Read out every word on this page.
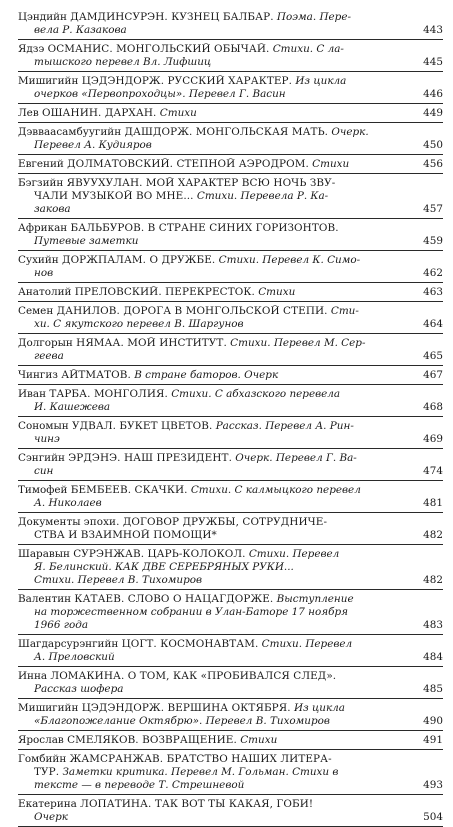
Цэндийн ДАМДИНСУРЭН. КУЗНЕЦ БАЛБАР. Поэма. Пере-
вела Р. Казакова	443
Ядзэ ОСМАНИС. МОНГОЛЬСКИЙ ОБЫЧАЙ. Стихи. С ла-
тышского перевел Вл. Лифшиц	445
Мишигийн ЦЭДЭНДОРЖ. РУССКИЙ ХАРАКТЕР. Из цикла
очерков «Первопроходцы». Перевел Г. Васин	446
Лев ОШАНИН. ДАРХАН. Стихи	449
Дэвваасамбуугийн ДАШДОРЖ. МОНГОЛЬСКАЯ МАТЬ. Очерк.
Перевел А. Кудияров	450
Евгений ДОЛМАТОВСКИЙ. СТЕПНОЙ АЭРОДРОМ. Стихи	456
Бэгзийн ЯВУУХУЛАН. МОЙ ХАРАКТЕР ВСЮ НОЧЬ ЗВУ-
ЧАЛИ МУЗЫКОЙ ВО МНЕ... Стихи. Перевела Р. Ка-
закова	457
Африкан БАЛЬБУРОВ. В СТРАНЕ СИНИХ ГОРИЗОНТОВ.
Путевые заметки	459
Сухийн ДОРЖПАЛАМ. О ДРУЖБЕ. Стихи. Перевел К. Симо-
нов	462
Анатолий ПРЕЛОВСКИЙ. ПЕРЕКРЕСТОК. Стихи	463
Семен ДАНИЛОВ. ДОРОГА В МОНГОЛЬСКОЙ СТЕПИ. Сти-
хи. С якутского перевел В. Шаргунов	464
Долгорын НЯМАА. МОЙ ИНСТИТУТ. Стихи. Перевел М. Сер-
геева	465
Чингиз АЙТМАТОВ. В стране баторов. Очерк	467
Иван ТАРБА. МОНГОЛИЯ. Стихи. С абхазского перевела
И. Кашежева	468
Сономын УДВАЛ. БУКЕТ ЦВЕТОВ. Рассказ. Перевел А. Рин-
чинэ	469
Сэнгийн ЭРДЭНЭ. НАШ ПРЕЗИДЕНТ. Очерк. Перевел Г. Ва-
син	474
Тимофей БЕМБЕЕВ. СКАЧКИ. Стихи. С калмыцкого перевел
А. Николаев	481
Документы эпохи. ДОГОВОР ДРУЖБЫ, СОТРУДНИЧЕ-
СТВА И ВЗАИМНОЙ ПОМОЩИ*	482
Шаравын СУРЭНЖАВ. ЦАРЬ-КОЛОКОЛ. Стихи. Перевел
Я. Белинский. КАК ДВЕ СЕРЕБРЯНЫХ РУКИ...
Стихи. Перевел В. Тихомиров	482
Валентин КАТАЕВ. СЛОВО О НАЦАГДОРЖЕ. Выступление
на торжественном собрании в Улан-Баторе 17 ноября
1966 года	483
Шагдарсурэнгийн ЦОГТ. КОСМОНАВТАМ. Стихи. Перевел
А. Преловский	484
Инна ЛОМАКИНА. О ТОМ, КАК «ПРОБИВАЛСЯ СЛЕД».
Рассказ шофера	485
Мишигийн ЦЭДЭНДОРЖ. ВЕРШИНА ОКТЯБРЯ. Из цикла
«Благопожелание Октябрю». Перевел В. Тихомиров	490
Ярослав СМЕЛЯКОВ. ВОЗВРАЩЕНИЕ. Стихи	491
Гомбийн ЖАМСРАНЖАВ. БРАТСТВО НАШИХ ЛИТЕРА-
ТУР. Заметки критика. Перевел М. Гольман. Стихи в
тексте — в переводе Т. Стрешневой	493
Екатерина ЛОПАТИНА. ТАК ВОТ ТЫ КАКАЯ, ГОБИ!
Очерк	504
